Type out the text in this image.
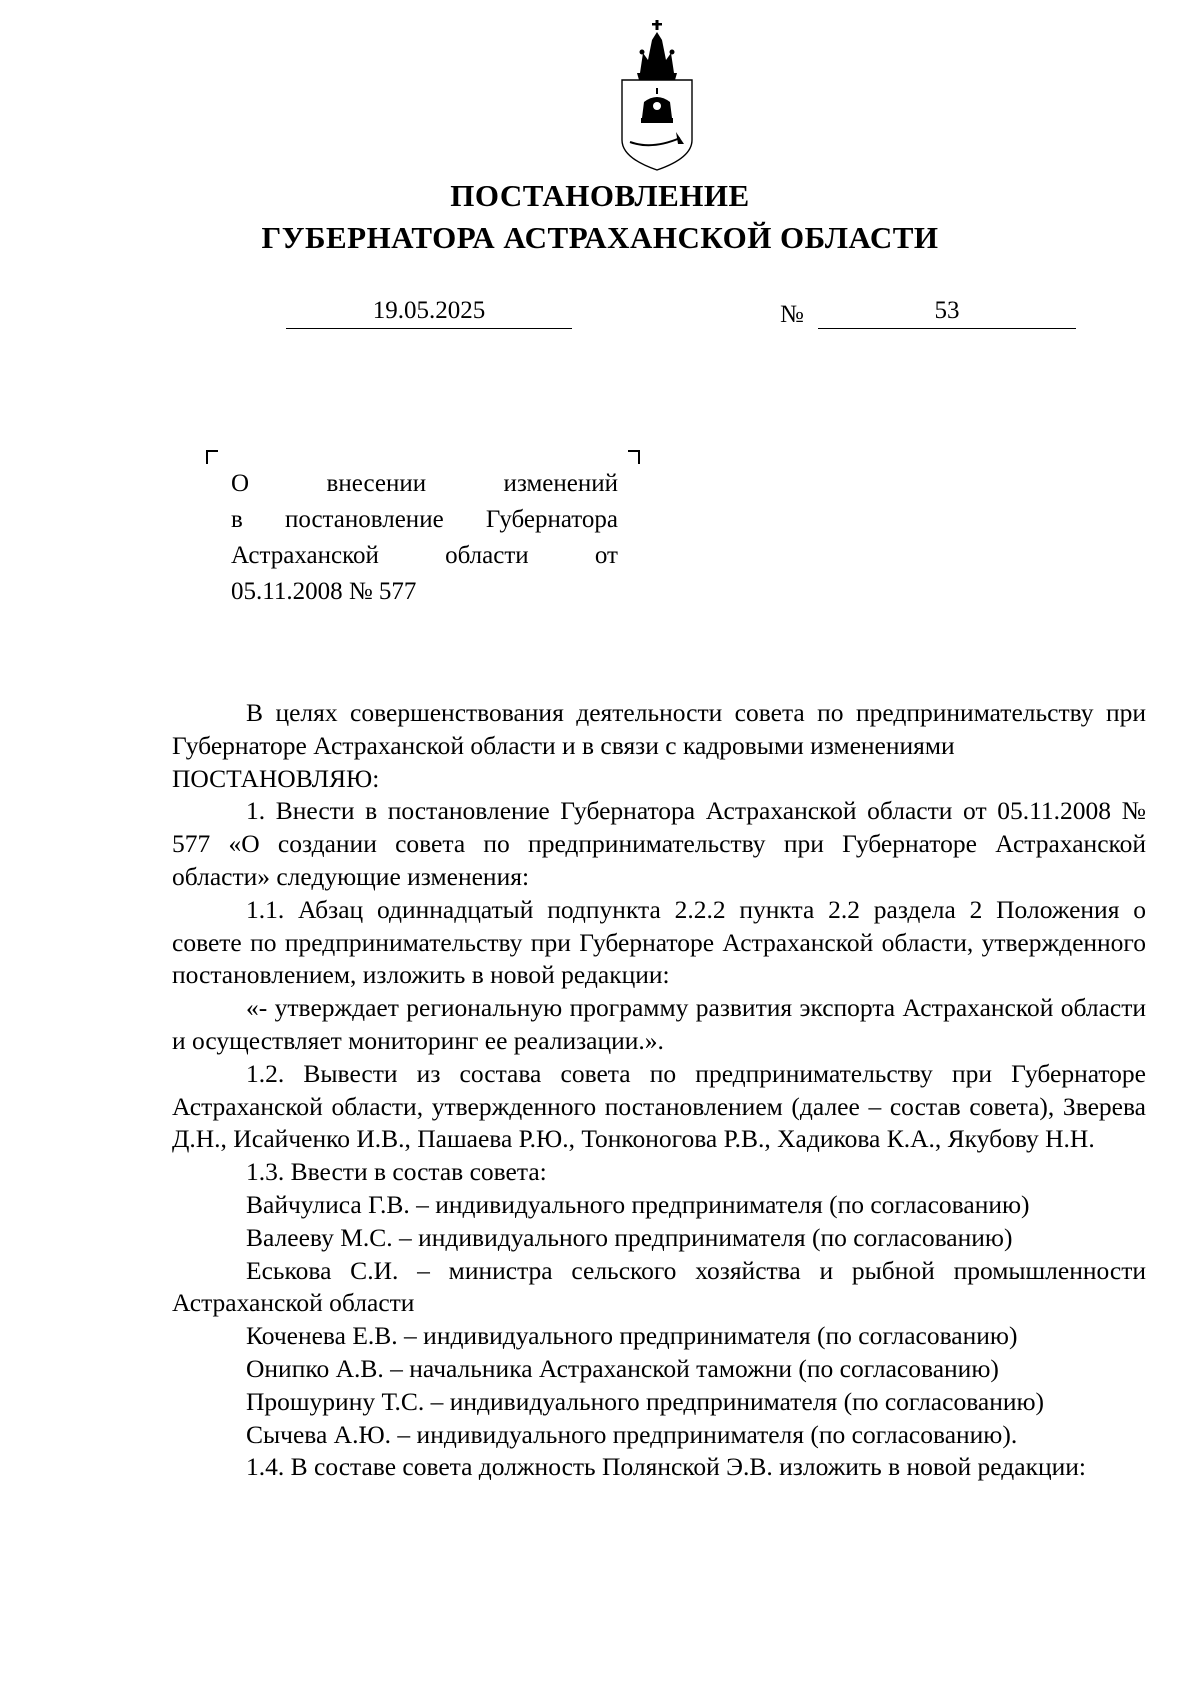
ПОСТАНОВЛЕНИЕ
ГУБЕРНАТОРА АСТРАХАНСКОЙ ОБЛАСТИ
19.05.2025	№	53
О внесении изменений
в постановление Губернатора
Астраханской области от
05.11.2008 № 577

В целях совершенствования деятельности совета по предпринимательству при Губернаторе Астраханской области и в связи с кадровыми изменениями

ПОСТАНОВЛЯЮ:

1. Внести в постановление Губернатора Астраханской области от 05.11.2008 № 577 «О создании совета по предпринимательству при Губернаторе Астраханской области» следующие изменения:

1.1. Абзац одиннадцатый подпункта 2.2.2 пункта 2.2 раздела 2 Положения о совете по предпринимательству при Губернаторе Астраханской области, утвержденного постановлением, изложить в новой редакции:

«- утверждает региональную программу развития экспорта Астраханской области и осуществляет мониторинг ее реализации.».

1.2. Вывести из состава совета по предпринимательству при Губернаторе Астраханской области, утвержденного постановлением (далее – состав совета), Зверева Д.Н., Исайченко И.В., Пашаева Р.Ю., Тонконогова Р.В., Хадикова К.А., Якубову Н.Н.

1.3. Ввести в состав совета:

Вайчулиса Г.В. – индивидуального предпринимателя (по согласованию)

Валееву М.С. – индивидуального предпринимателя (по согласованию)

Еськова С.И. – министра сельского хозяйства и рыбной промышленности Астраханской области

Коченева Е.В. – индивидуального предпринимателя (по согласованию)

Онипко А.В. – начальника Астраханской таможни (по согласованию)

Прошурину Т.С. – индивидуального предпринимателя (по согласованию)

Сычева А.Ю. – индивидуального предпринимателя (по согласованию).

1.4. В составе совета должность Полянской Э.В. изложить в новой редакции:
